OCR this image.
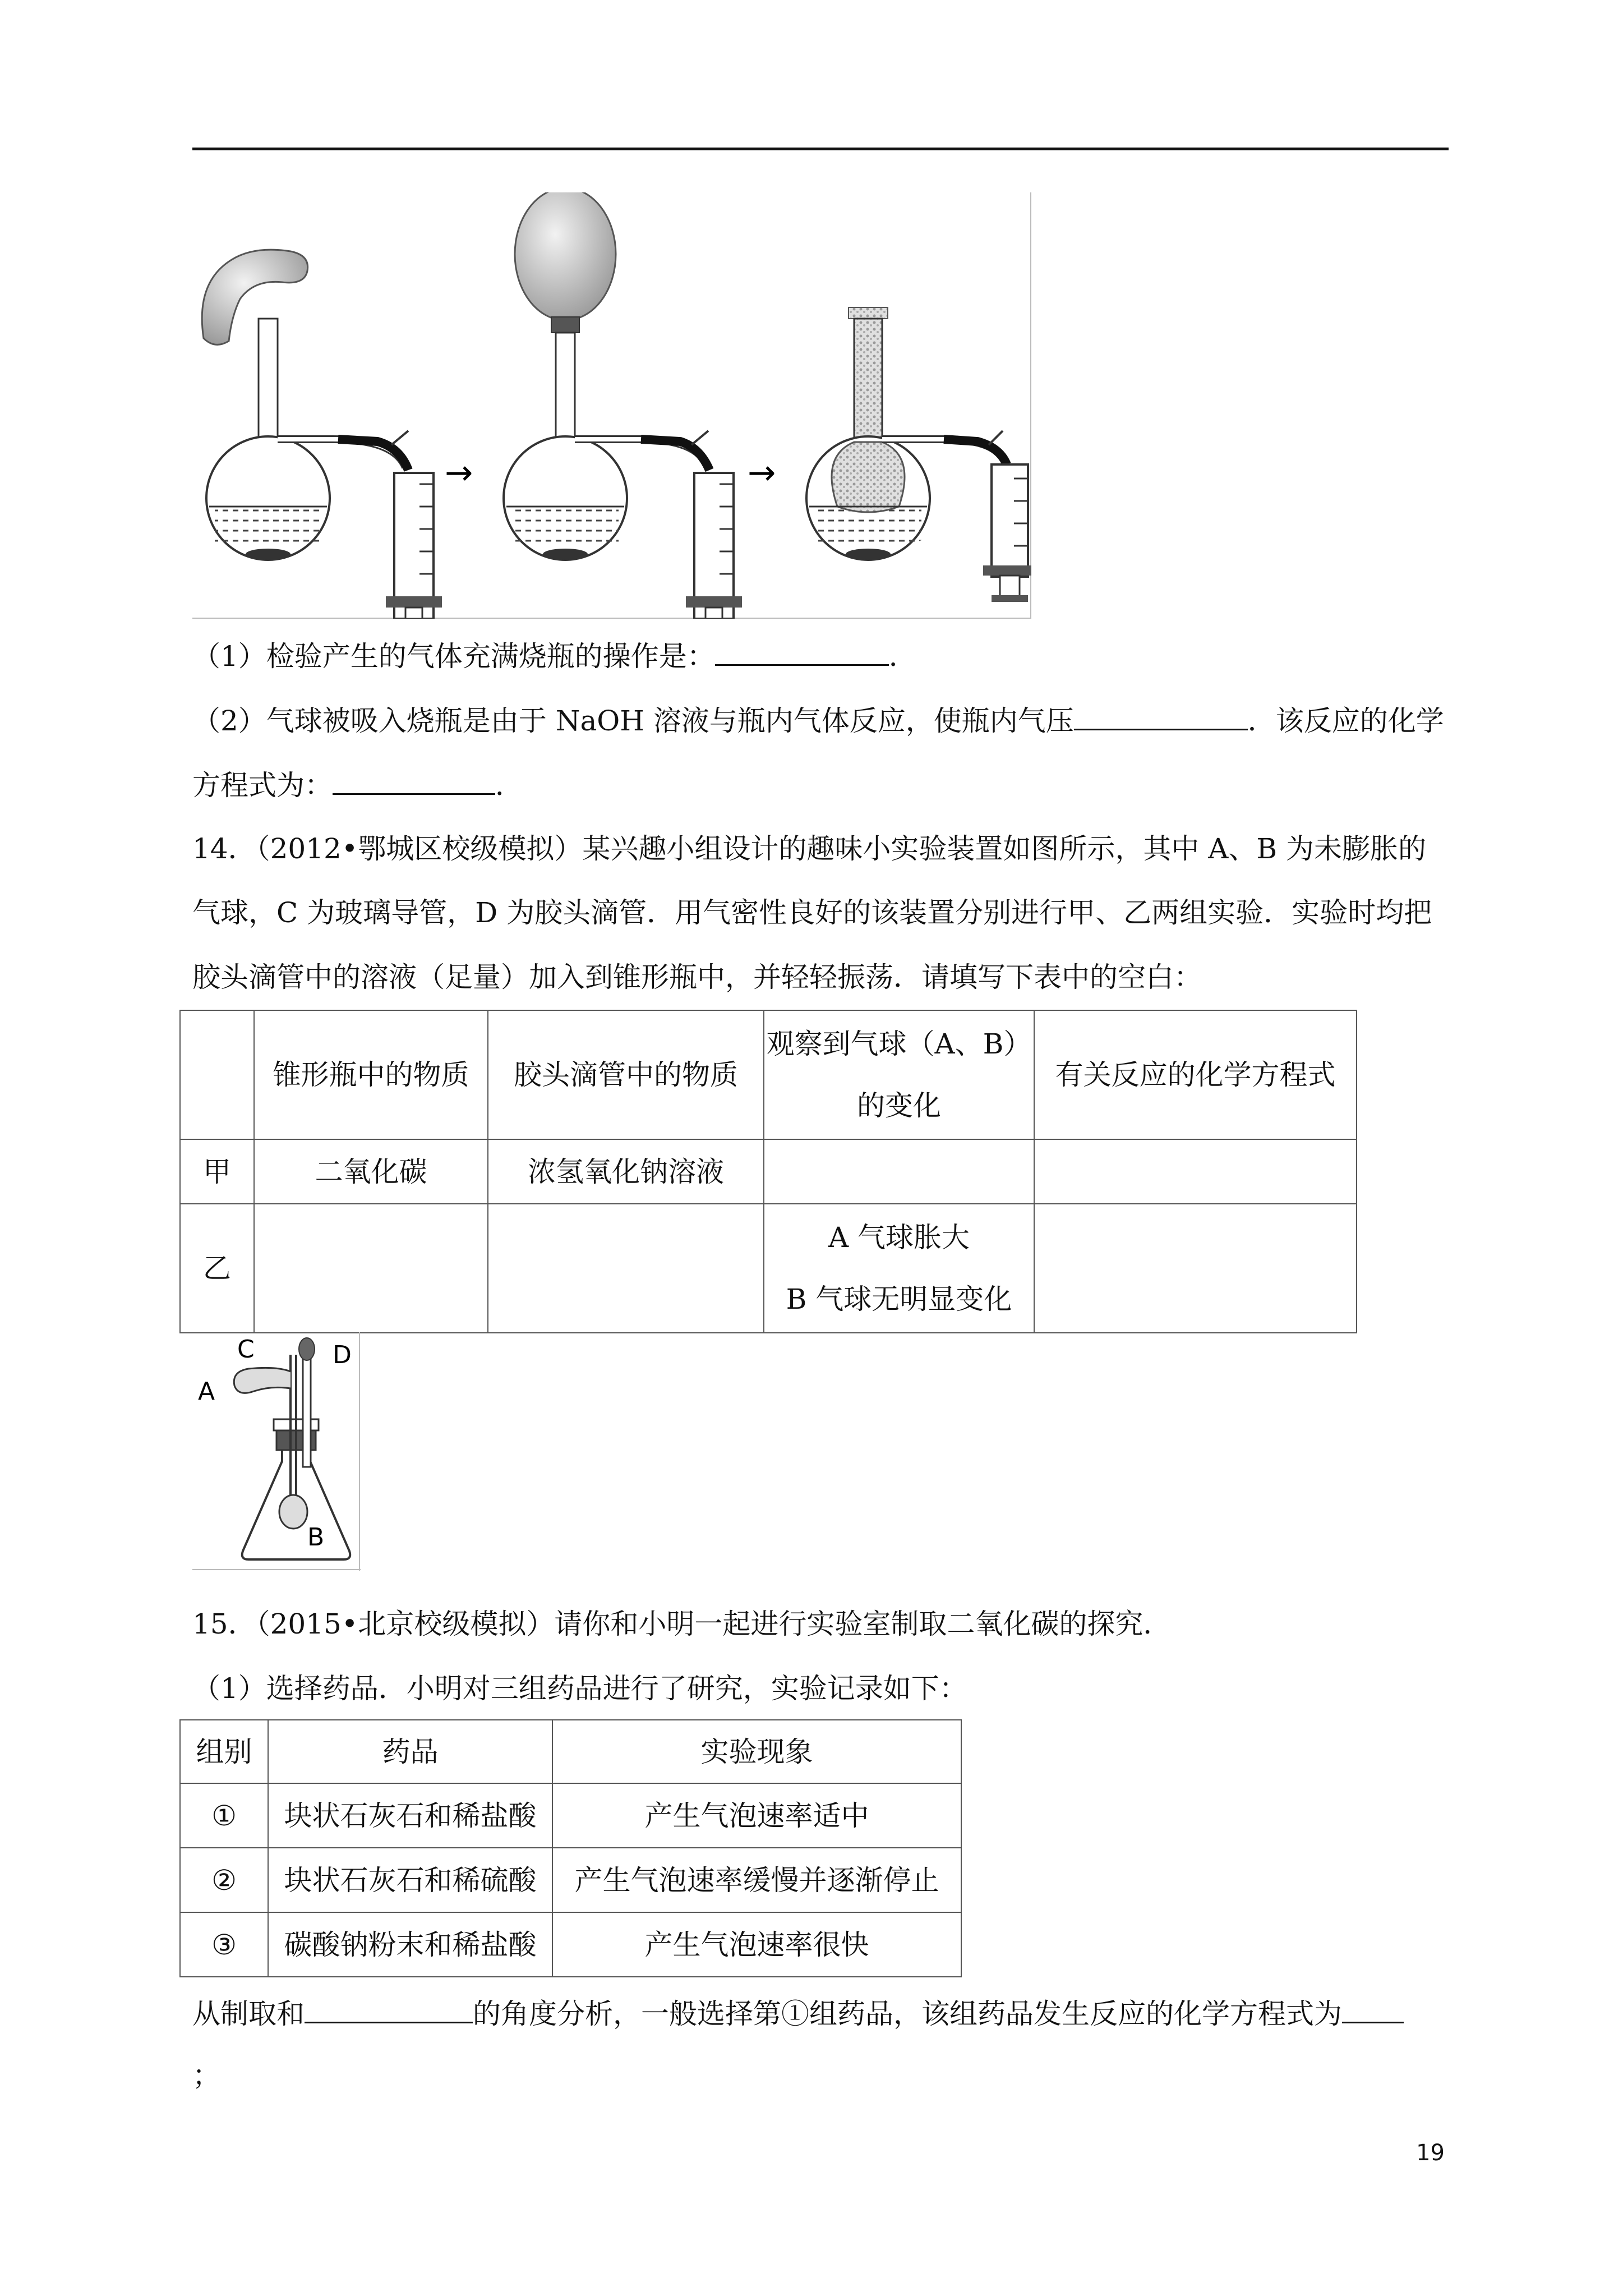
→	→
（1）检验产生的气体充满烧瓶的操作是：	．
（2）气球被吸入烧瓶是由于 NaOH 溶液与瓶内气体反应，使瓶内气压	．该反应的化学
方程式为：	．
14．（2012•鄂城区校级模拟）某兴趣小组设计的趣味小实验装置如图所示，其中 A、B 为未膨胀的
气球，C 为玻璃导管，D 为胶头滴管．用气密性良好的该装置分别进行甲、乙两组实验．实验时均把
胶头滴管中的溶液（足量）加入到锥形瓶中，并轻轻振荡．请填写下表中的空白：
	锥形瓶中的物质	胶头滴管中的物质	观察到气球（A、B）
的变化	有关反应的化学方程式
甲	二氧化碳	浓氢氧化钠溶液		
乙			A 气球胀大
B 气球无明显变化	
A
B
C	D
15．（2015•北京校级模拟）请你和小明一起进行实验室制取二氧化碳的探究．
（1）选择药品．小明对三组药品进行了研究，实验记录如下：
组别	药品	实验现象
①	块状石灰石和稀盐酸	产生气泡速率适中
②	块状石灰石和稀硫酸	产生气泡速率缓慢并逐渐停止
③	碳酸钠粉末和稀盐酸	产生气泡速率很快
从制取和	的角度分析，一般选择第①组药品，该组药品发生反应的化学方程式为
；
19
